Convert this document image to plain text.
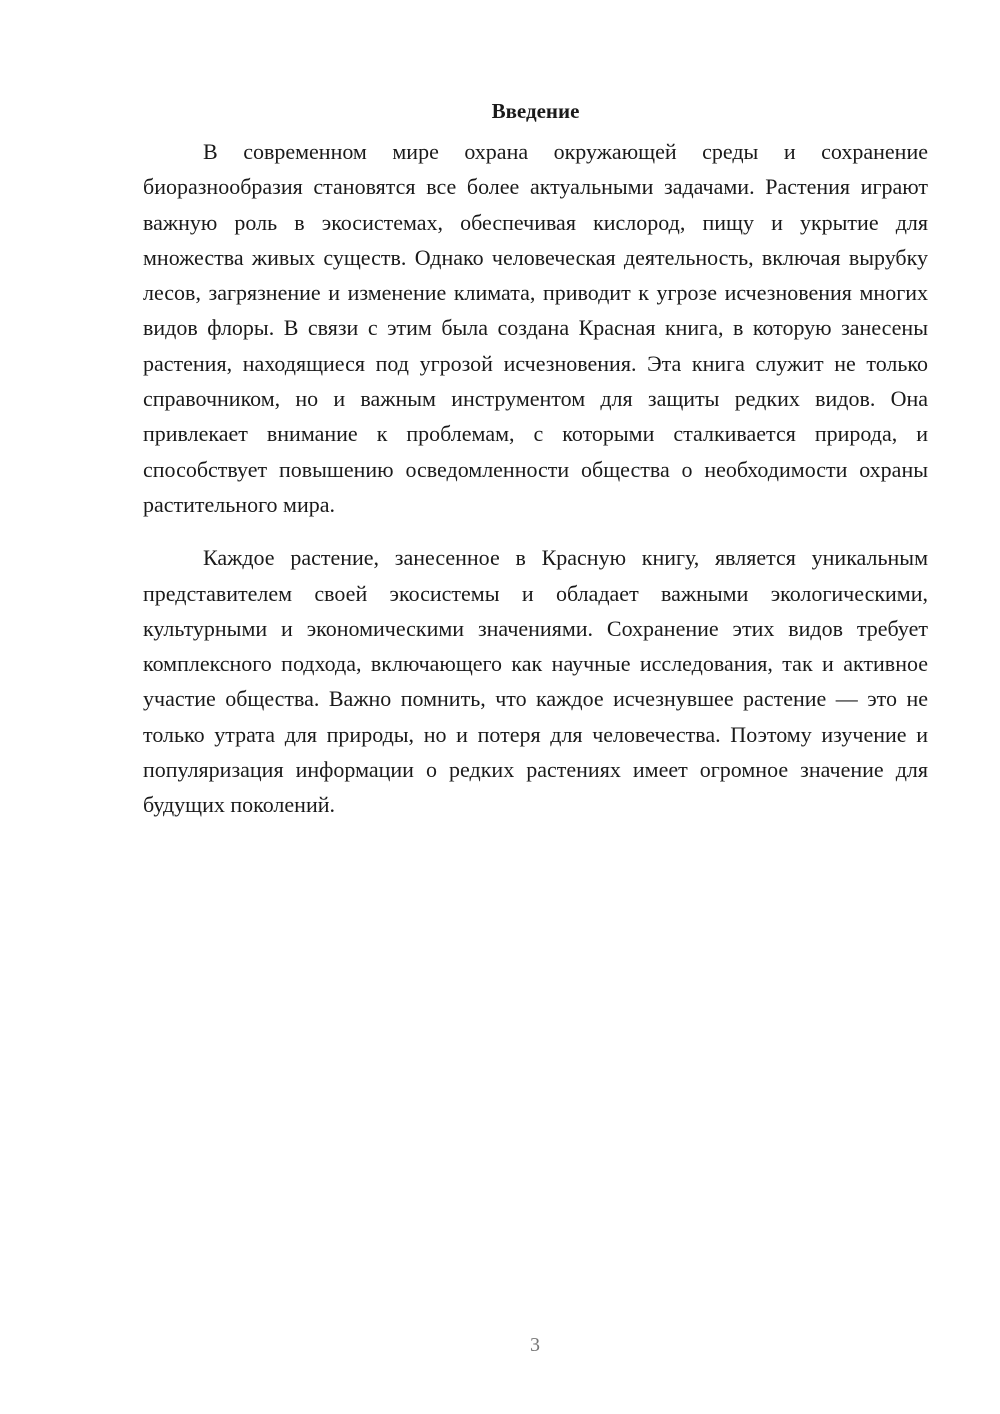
Введение

В современном мире охрана окружающей среды и сохранение биоразнообразия становятся все более актуальными задачами. Растения играют важную роль в экосистемах, обеспечивая кислород, пищу и укрытие для множества живых существ. Однако человеческая деятельность, включая вырубку лесов, загрязнение и изменение климата, приводит к угрозе исчезновения многих видов флоры. В связи с этим была создана Красная книга, в которую занесены растения, находящиеся под угрозой исчезновения. Эта книга служит не только справочником, но и важным инструментом для защиты редких видов. Она привлекает внимание к проблемам, с которыми сталкивается природа, и способствует повышению осведомленности общества о необходимости охраны растительного мира.

Каждое растение, занесенное в Красную книгу, является уникальным представителем своей экосистемы и обладает важными экологическими, культурными и экономическими значениями. Сохранение этих видов требует комплексного подхода, включающего как научные исследования, так и активное участие общества. Важно помнить, что каждое исчезнувшее растение — это не только утрата для природы, но и потеря для человечества. Поэтому изучение и популяризация информации о редких растениях имеет огромное значение для будущих поколений.

3
